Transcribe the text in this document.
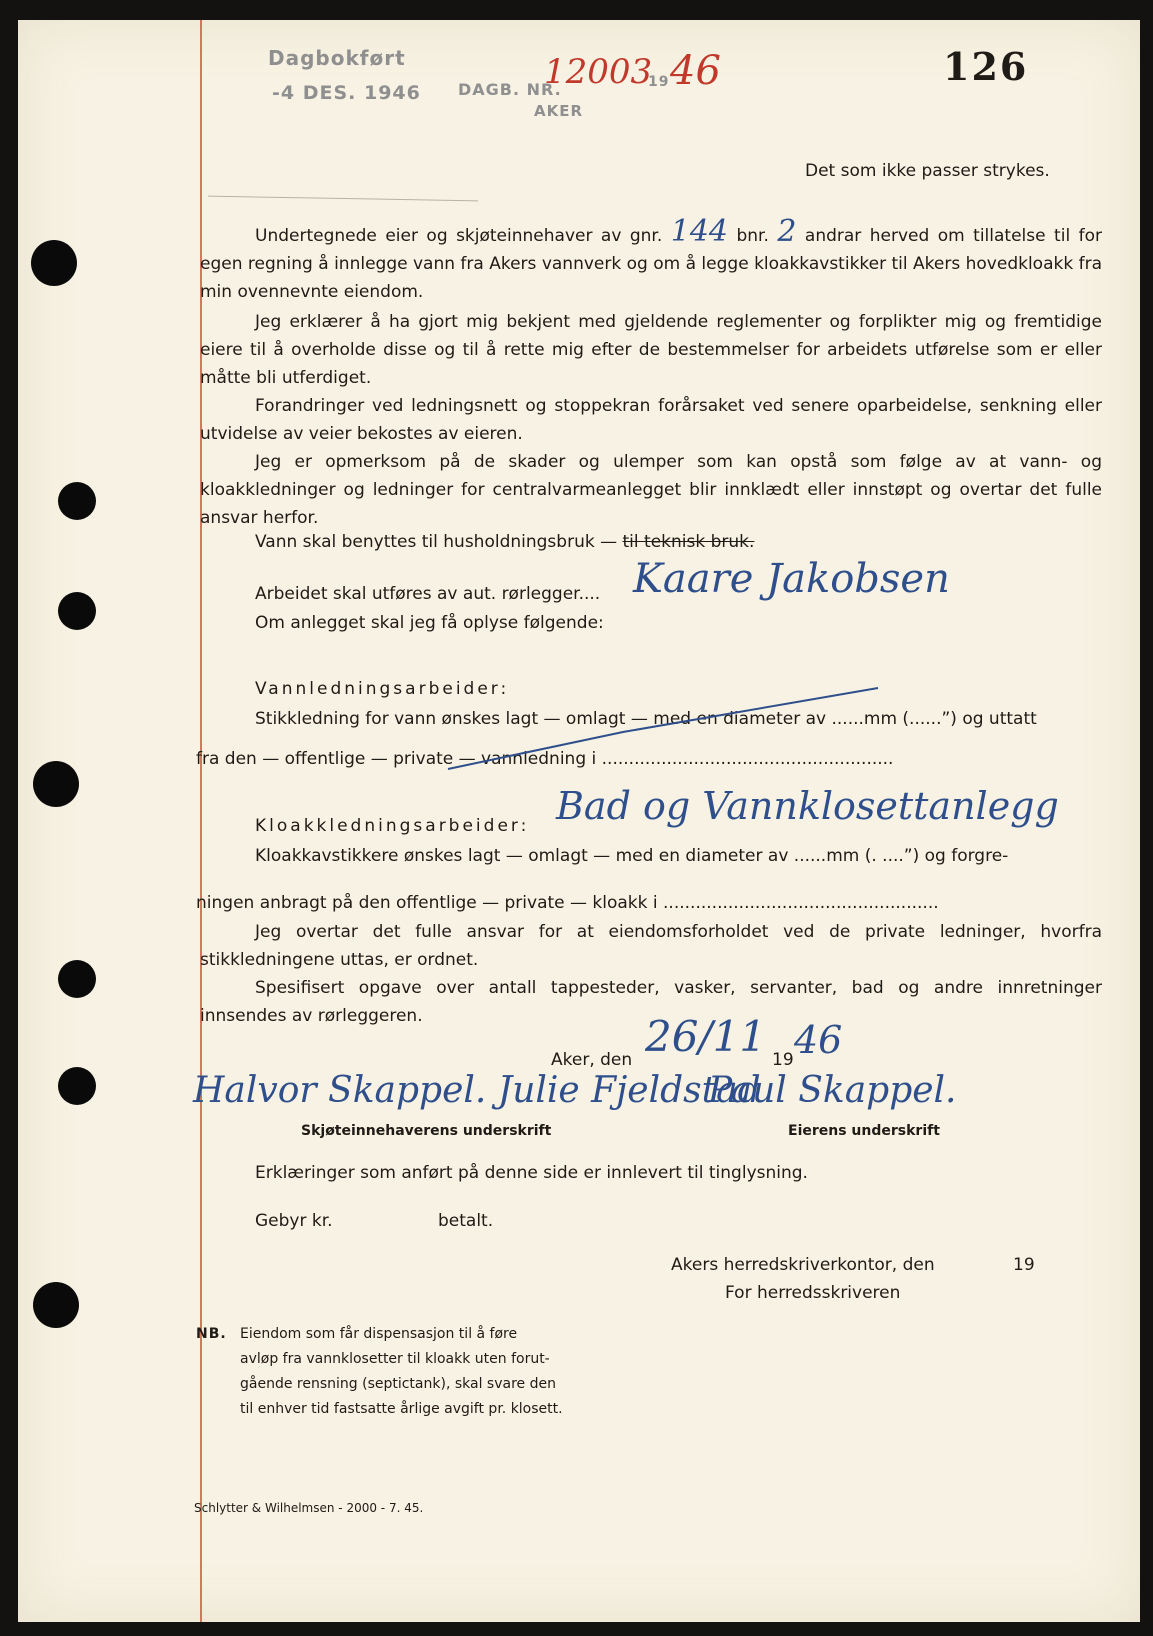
Dagbokført
-4 DES. 1946 DAGB. NR.
12003
19 46
AKER
126
Det som ikke passer strykes.

Undertegnede eier og skjøteinnehaver av gnr. 144 bnr. 2 andrar herved om tillatelse til for egen regning å innlegge vann fra Akers vannverk og om å legge kloakkavstikker til Akers hovedkloakk fra min ovennevnte eiendom.

Jeg erklærer å ha gjort mig bekjent med gjeldende reglementer og forplikter mig og fremtidige eiere til å overholde disse og til å rette mig efter de bestemmelser for arbeidets utførelse som er eller måtte bli utferdiget.

Forandringer ved ledningsnett og stoppekran forårsaket ved senere oparbeidelse, senkning eller utvidelse av veier bekostes av eieren.

Jeg er opmerksom på de skader og ulemper som kan opstå som følge av at vann- og kloakkledninger og ledninger for centralvarmeanlegget blir innklædt eller innstøpt og overtar det fulle ansvar herfor.

Vann skal benyttes til husholdningsbruk — til teknisk bruk.
Arbeidet skal utføres av aut. rørlegger.... Kaare Jakobsen
Om anlegget skal jeg få oplyse følgende:
Vannledningsarbeider:
Stikkledning for vann ønskes lagt — omlagt — med en diameter av ......mm (......”) og uttatt
fra den — offentlige — private — vannledning i ......................................................
Kloakkledningsarbeider: Bad og Vannklosettanlegg
Kloakkavstikkere ønskes lagt — omlagt — med en diameter av ......mm (. ....”) og forgre-
ningen anbragt på den offentlige — private — kloakk i ...................................................

Jeg overtar det fulle ansvar for at eiendomsforholdet ved de private ledninger, hvorfra stikkledningene uttas, er ordnet.

Spesifisert opgave over antall tappesteder, vasker, servanter, bad og andre innretninger innsendes av rørleggeren.

Aker, den 26/11 19 46
Halvor Skappel. Julie Fjeldstad
Paul Skappel.
Skjøteinnehaverens underskrift	Eierens underskrift
Erklæringer som anført på denne side er innlevert til tinglysning.
Gebyr kr.	betalt.
Akers herredskriverkontor, den	19
For herredsskriveren
NB. Eiendom som får dispensasjon til å føre
avløp fra vannklosetter til kloakk uten forut-
gående rensning (septictank), skal svare den
til enhver tid fastsatte årlige avgift pr. klosett.
Schlytter & Wilhelmsen - 2000 - 7. 45.
